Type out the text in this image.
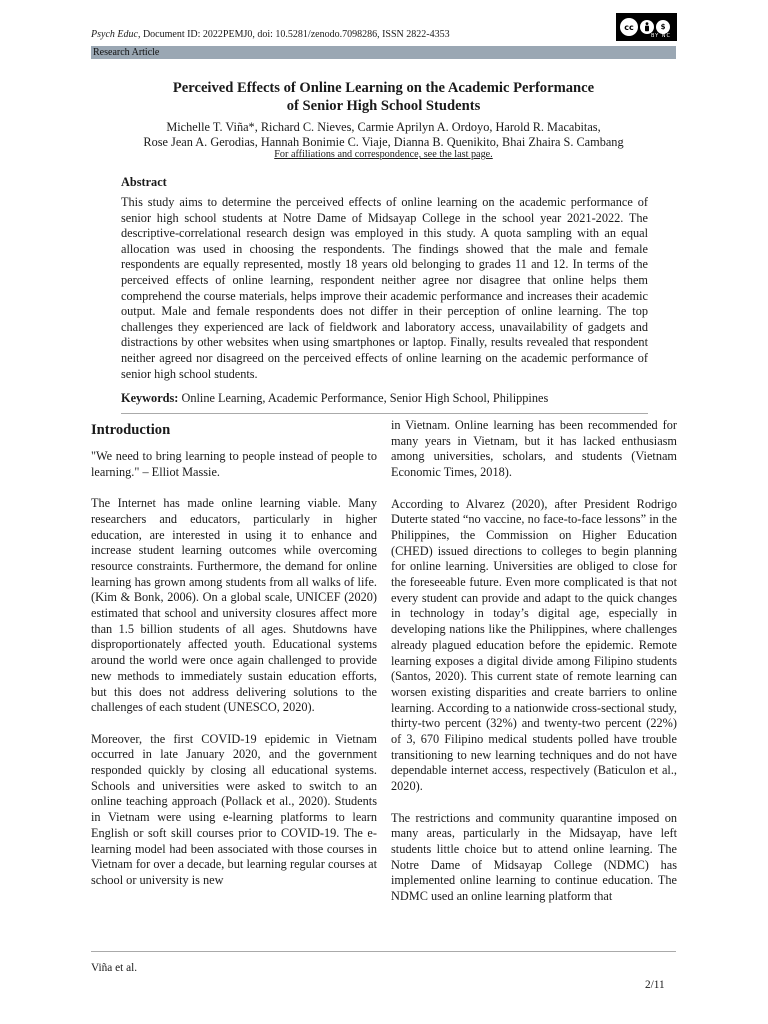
Psych Educ, Document ID: 2022PEMJ0, doi: 10.5281/zenodo.7098286, ISSN 2822-4353
cc	$
BY NC
Research Article
Perceived Effects of Online Learning on the Academic Performance
of Senior High School Students
Michelle T. Viña*, Richard C. Nieves, Carmie Aprilyn A. Ordoyo, Harold R. Macabitas,
Rose Jean A. Gerodias, Hannah Bonimie C. Viaje, Dianna B. Quenikito, Bhai Zhaira S. Cambang
For affiliations and correspondence, see the last page.
Abstract
This study aims to determine the perceived effects of online learning on the academic performance of senior high school students at Notre Dame of Midsayap College in the school year 2021-2022. The descriptive-correlational research design was employed in this study. A quota sampling with an equal allocation was used in choosing the respondents. The findings showed that the male and female respondents are equally represented, mostly 18 years old belonging to grades 11 and 12. In terms of the perceived effects of online learning, respondent neither agree nor disagree that online helps them comprehend the course materials, helps improve their academic performance and increases their academic output. Male and female respondents does not differ in their perception of online learning. The top challenges they experienced are lack of fieldwork and laboratory access, unavailability of gadgets and distractions by other websites when using smartphones or laptop. Finally, results revealed that respondent neither agreed nor disagreed on the perceived effects of online learning on the academic performance of senior high school students.
Keywords: Online Learning, Academic Performance, Senior High School, Philippines

Introduction

"We need to bring learning to people instead of people to learning." – Elliot Massie.

The Internet has made online learning viable. Many researchers and educators, particularly in higher education, are interested in using it to enhance and increase student learning outcomes while overcoming resource constraints. Furthermore, the demand for online learning has grown among students from all walks of life. (Kim & Bonk, 2006). On a global scale, UNICEF (2020) estimated that school and university closures affect more than 1.5 billion students of all ages. Shutdowns have disproportionately affected youth. Educational systems around the world were once again challenged to provide new methods to immediately sustain education efforts, but this does not address delivering solutions to the challenges of each student (UNESCO, 2020).

Moreover, the first COVID-19 epidemic in Vietnam occurred in late January 2020, and the government responded quickly by closing all educational systems. Schools and universities were asked to switch to an online teaching approach (Pollack et al., 2020). Students in Vietnam were using e-learning platforms to learn English or soft skill courses prior to COVID-19. The e-learning model had been associated with those courses in Vietnam for over a decade, but learning regular courses at school or university is new

in Vietnam. Online learning has been recommended for many years in Vietnam, but it has lacked enthusiasm among universities, scholars, and students (Vietnam Economic Times, 2018).

According to Alvarez (2020), after President Rodrigo Duterte stated “no vaccine, no face-to-face lessons” in the Philippines, the Commission on Higher Education (CHED) issued directions to colleges to begin planning for online learning. Universities are obliged to close for the foreseeable future. Even more complicated is that not every student can provide and adapt to the quick changes in technology in today’s digital age, especially in developing nations like the Philippines, where challenges already plagued education before the epidemic. Remote learning exposes a digital divide among Filipino students (Santos, 2020). This current state of remote learning can worsen existing disparities and create barriers to online learning. According to a nationwide cross-sectional study, thirty-two percent (32%) and twenty-two percent (22%) of 3, 670 Filipino medical students polled have trouble transitioning to new learning techniques and do not have dependable internet access, respectively (Baticulon et al., 2020).

The restrictions and community quarantine imposed on many areas, particularly in the Midsayap, have left students little choice but to attend online learning. The Notre Dame of Midsayap College (NDMC) has implemented online learning to continue education. The NDMC used an online learning platform that

Viña et al.
2/11
